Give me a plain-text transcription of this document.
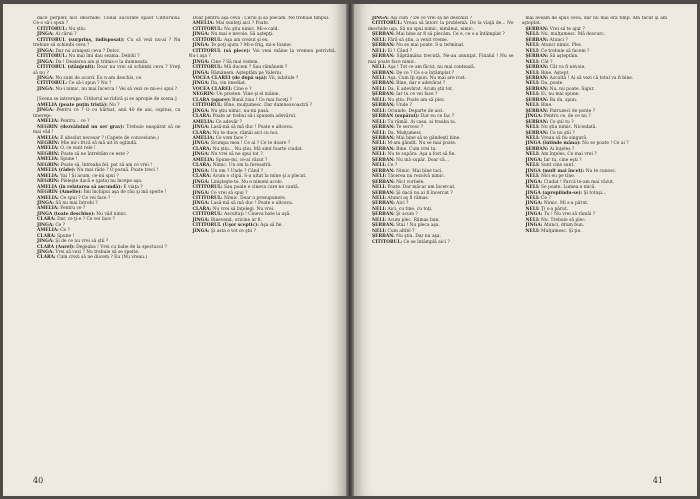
dace perplex nici deschide. Ceilal aucorate spăor Cititorului: Ce-o să-i spun ?

CITITORUL: Nu ştiu.

JINGA: Al cărui ?

CITITORUL (surprins, indisposat): Cu să vezi nu-ai ? Nu trebuie să schimbi ceva ?

JINGA: Dar nu aranjezi ceva ? Deloc.

CITITORUL: Nu mai îmi dau seama. Debilii ?

JINGA: Da ! Deaierea am şi trimis-o la dumneata.

CITITORUL (stânjenit): Doar nu vrei să schimbi ceva ? Vreţi să nu ?

JINGA: Nu sunt de acord. Eu n-am deschis, ce.

CITITORUL: Ce să-i spun ? Nu ?

JINGA: Nu-i nimic, nu mai încerca ! Vei să vezi ce mi-e-i spui ?

[Scena se intrerupe. Cititorul se ridică şi se apropie de scena.]

AMELIA (poate puţin tristă): Nu ?

JINGA: Pentru ce ? O cu bărbat, anii 40 de ani, ospitus, cu tinereţe.

AMELIA: Pentru... ce ?

NEGRIN (dezvăluind un ser grav): Trebuie neapărat să ne mai văd !

AMELIA: E absolut necesar ? (Capete de concesiune.)

NEGRIN: Mie mi-i frică să mă uit în oglindă.

AMELIA: O, ce sunt rele !

NEGRIN: Poate să ne întrebăm ce este ?

AMELIA: Spune !

NEGRIN: Poate să, întreaba fel, pot să am ce vrei !

AMELIA (râde): Nu mai râde ? O pozuă. Poate treci !

AMELIA: Vai ! Şi acum, ce-mi spui ?

NEGRIN: Pieleşte dacă e (gata) nu începe aşa.

AMELIA (în relatarea să ascundă): E viaţa ?

NEGRIN (Amelie): Îmi închipui aşa de rău şi mă sperie !

AMELIA: Ce spui ? Ce vei face ?

JINGA: Să nu mai întrebi ?

AMELIA: Pentru ce ?

JINGA (toate deschise): Nu văd nimic.

CLARA: Dar, ce ţi-e ? Ce vei face ?

JINGA: Ce ?

AMELIA: Ce ?

CLARA: Spune !

JINGA: Şi de ce nu vrei să ştii ?

CLARA (Aurel): Degeaba ! Vrei cu babe de la spectacol ?

JINGA: Vrei să vezi ? Nu trebuie să se sperie.

CLARA: Cum crezi să ne ducem ? Eu (Nu vreau.)

Doar pentru aşa ceva : Cerul şi să plecăm. Ne trebuie timpul.

AMELIA: Mai sunteţi aici ? Poate.

CITITORUL: Nu ştiu nimic. Mi-e cald.

JINGA: Nu mai e nevoie. Să aştepţi.

CITITORUL: Aşa am crezut şi eu.

JINGA: Te poţi ajuta ? Mi-e frig, mi-e foame.

CITITORUL (să plece): Voi veni mâine la vremea potrivită. Nu-i aşa ?

JINGA: Cine ? Să mai vedem.

CITITORUL: Mă ducem ? Sau rămânem ?

JINGA: Rămânem. Aşteptăm pe Valeriu.

VOCEA CLAREI (de după uşă): Vii, iubitule ?

JINGA: Da, vin imediat.

VOCEA CLAREI: Cine e ?

NEGRIN: Un prieten. Vine şi el mâine.

CLARA (apare): Bună ziua ! Ce mai faceţi ?

CITITORUL: Bine, mulţumesc. Dar dumneavoastră ?

JINGA: Nu ştiu nimic, nu-mi pasă.

CLARA: Poate ar trebui să-i spunem adevărul.

AMELIA: Ce adevăr ?

JINGA: Lasă-mă să mă duc ! Poate e altceva.

CLARA: Nu te duce, rămâi aici cu noi.

AMELIA: Ce vom face ?

JINGA: Scumpa mea ! Ce ai ? Ce te doare ?

CLARA: Nu ştiu... Nu ştiu. Mă simt foarte ciudat.

JINGA: Nu vrei să ne spui tot ?

AMELIA: Spune-mi, ce-ai văzut ?

CLARA: Nimic. Un om la fereastră.

JINGA: Un om ? Unde ? Când ?

CLARA: Acum o clipă. S-a uitat la mine şi a plecat.

JINGA: Linişteşte-te. Nu e nimeni acolo.

CITITORUL: Sau poate e cineva care ne caută.

JINGA: Ce vrei să spui ?

CITITORUL: Nimic. Doar o presupunere.

JINGA: Lasă-mă să mă duc ! Poate e altceva.

CLARA: Nu vrei să înţelegi. Nu vrei.

CITITORUL: Ascultaţi ! Cineva bate la uşă.

JINGA: Binevenit, oricine ar fi.

CITITORUL (Uşor sceptic): Aşa să fie.

JINGA: Şi asta e tot ce ştii ?

40

JINGA: Aşi cum ? De ce vrei să ne deschizi ?

CITITORUL: Vreau să întorc la problemă. De la viaţă de... Ne deschide uşa. Să nu spui nimic, nimănui, nimic.

ŞERBAN: Mai bine ar fi să plecăm. Ce e, ce s-a întâmplat ?

NELI: Fără să ştiu, a venit vreme.

ŞERBAN: Nu se mai poate. S-a terminat.

NELI: Ei ! Când ?

ŞERBAN: Săptămâna trecută. Ne-au anunţat. Finalul ! Nu se mai poate face nimic.

NELI: Aşa ! Tot ce am făcut, nu mai contează.

ŞERBAN: De ce ? Ce s-a întâmplat ?

NELI: Aşa. Cum îţi spun. Nu mai are rost.

ŞERBAN: Bine, dar e adevărat ?

NELI: Da. E adevărat. Acum ştii tot.

ŞERBAN: Iar tu ce vei face ?

NELI: Nu ştiu. Poate am să plec.

ŞERBAN: Unde ?

NELI: Oriunde. Departe de aici.

ŞERBAN (supărat): Dar eu ce fac ?

NELI: Tu rămâi. Ai casa, ai treaba ta.

ŞERBAN: Te servesc ?

NELI: Da. Mulţumesc.

ŞERBAN: Mai bine să te gândeşti bine.

NELI: M-am gândit. Nu se mai poate.

ŞERBAN: Bine. Cum vrei tu.

NELI: Nu te supăra. Aşa a fost să fie.

ŞERBAN: Nu mă supăr. Doar că...

NELI: Ce ?

ŞERBAN: Nimic. Mai bine taci.

NELI: Tăcerea nu rezolvă nimic.

ŞERBAN: Nici vorbele.

NELI: Poate. Dar măcar am încercat.

ŞERBAN: Şi dacă nu ai fi încercat ?

NELI: Atunci aş fi rămas.

ŞERBAN: Aici ?

NELI: Aici, cu tine, cu toţi.

ŞERBAN: Şi acum ?

NELI: Acum plec. Rămas bun.

ŞERBAN: Stai ! Nu pleca aşa.

NELI: Cum altfel ?

ŞERBAN: Nu ştiu. Dar nu aşa.

CITITORUL: Ce se întâmplă aici ?

mai aveam de spus ceva, dar nu mai era timp. Am tăcut şi am aşteptat.

ŞERBAN: Vrei să te ajut ?

NELI: Nu, mulţumesc. Mă descurc.

ŞERBAN: Atunci ?

NELI: Atunci nimic. Plec.

NELI: Ce trebuie să facem ?

ŞERBAN: Să aşteptăm.

NELI: Cât ?

ŞERBAN: Cât va fi nevoie.

NELI: Bine. Aştept.

ŞERBAN: Ascultă ! Ai să vezi că totul va fi bine.

NELI: Da, poate.

ŞERBAN: Nu, nu poate. Sigur.

NELI: Ei, nu mai spune.

ŞERBAN: Ba da, spun.

NELI: Bine.

ŞERBAN: Patruzeci de ponte ?

JINGA: Pentru ce, de ce nu ?

ŞERBAN: Ce ştii tu ?

NELI: Nu ştiu nimic. Niciodată.

ŞERBAN: Ce nu ştii ?

NELI: Vreau să fiu singură.

JINGA (întinde mâna): Nu se poate ! Ce ai ?

ŞERBAN: Ai înţeles ?

NELI: Am înţeles. Ce mai vrei ?

JINGA: Iar tu, cine eşti ?

NELI: Sunt cine sunt.

JINGA (mult mai încet): Nu te cunosc.

NELI: Nici eu pe tine.

JINGA: Ciudat ! Parcă te-am mai văzut.

NELI: Se poate. Lumea e mică.

JINGA (apropiindu-se): Şi totuşi...

NELI: Ce ?

JINGA: Nimic. Mi s-a părut.

NELI: Ţi s-a părut.

JINGA: Tu ! Nu vrei să rămâi ?

NELI: Nu. Trebuie să plec.

JINGA: Atunci, drum bun.

NELI: Mulţumesc. Şi ţie.

41
